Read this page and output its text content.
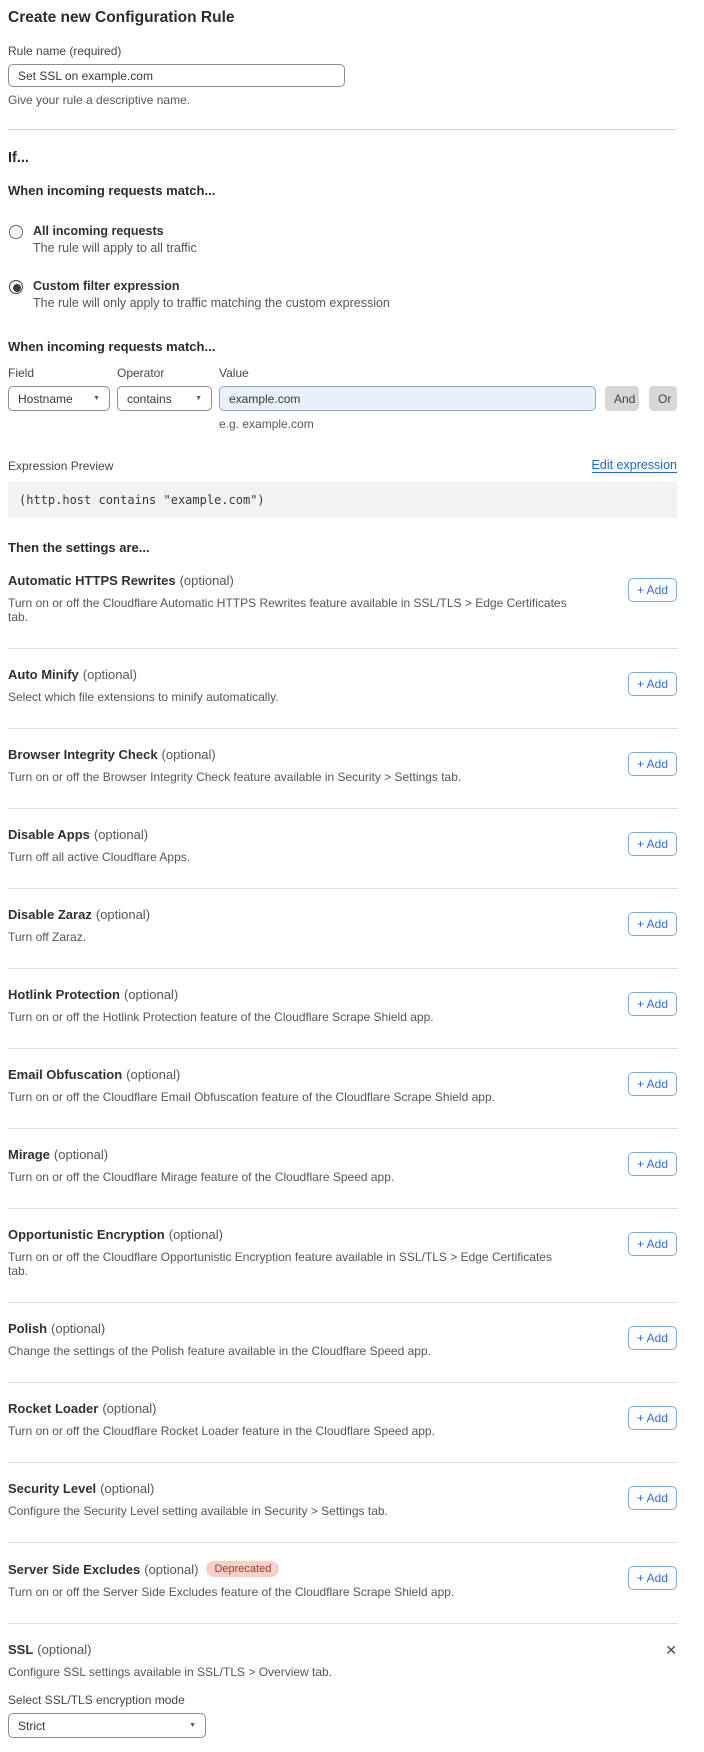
Create new Configuration Rule
Rule name (required)
Set SSL on example.com
Give your rule a descriptive name.
If...
When incoming requests match...
All incoming requests
The rule will apply to all traffic
Custom filter expression
The rule will only apply to traffic matching the custom expression
When incoming requests match...
Field
Hostname	▼
Operator
contains	▼
Value
example.com
And	Or
e.g. example.com
Expression Preview	Edit expression
(http.host contains "example.com")
Then the settings are...
Automatic HTTPS Rewrites (optional)
Turn on or off the Cloudflare Automatic HTTPS Rewrites feature available in SSL/TLS > Edge Certificates tab.
+ Add
Auto Minify (optional)
Select which file extensions to minify automatically.
+ Add
Browser Integrity Check (optional)
Turn on or off the Browser Integrity Check feature available in Security > Settings tab.
+ Add
Disable Apps (optional)
Turn off all active Cloudflare Apps.
+ Add
Disable Zaraz (optional)
Turn off Zaraz.
+ Add
Hotlink Protection (optional)
Turn on or off the Hotlink Protection feature of the Cloudflare Scrape Shield app.
+ Add
Email Obfuscation (optional)
Turn on or off the Cloudflare Email Obfuscation feature of the Cloudflare Scrape Shield app.
+ Add
Mirage (optional)
Turn on or off the Cloudflare Mirage feature of the Cloudflare Speed app.
+ Add
Opportunistic Encryption (optional)
Turn on or off the Cloudflare Opportunistic Encryption feature available in SSL/TLS > Edge Certificates tab.
+ Add
Polish (optional)
Change the settings of the Polish feature available in the Cloudflare Speed app.
+ Add
Rocket Loader (optional)
Turn on or off the Cloudflare Rocket Loader feature in the Cloudflare Speed app.
+ Add
Security Level (optional)
Configure the Security Level setting available in Security > Settings tab.
+ Add
Server Side Excludes (optional)	Deprecated
Turn on or off the Server Side Excludes feature of the Cloudflare Scrape Shield app.
+ Add
SSL (optional)	✕
Configure SSL settings available in SSL/TLS > Overview tab.
Select SSL/TLS encryption mode
Strict	▼
